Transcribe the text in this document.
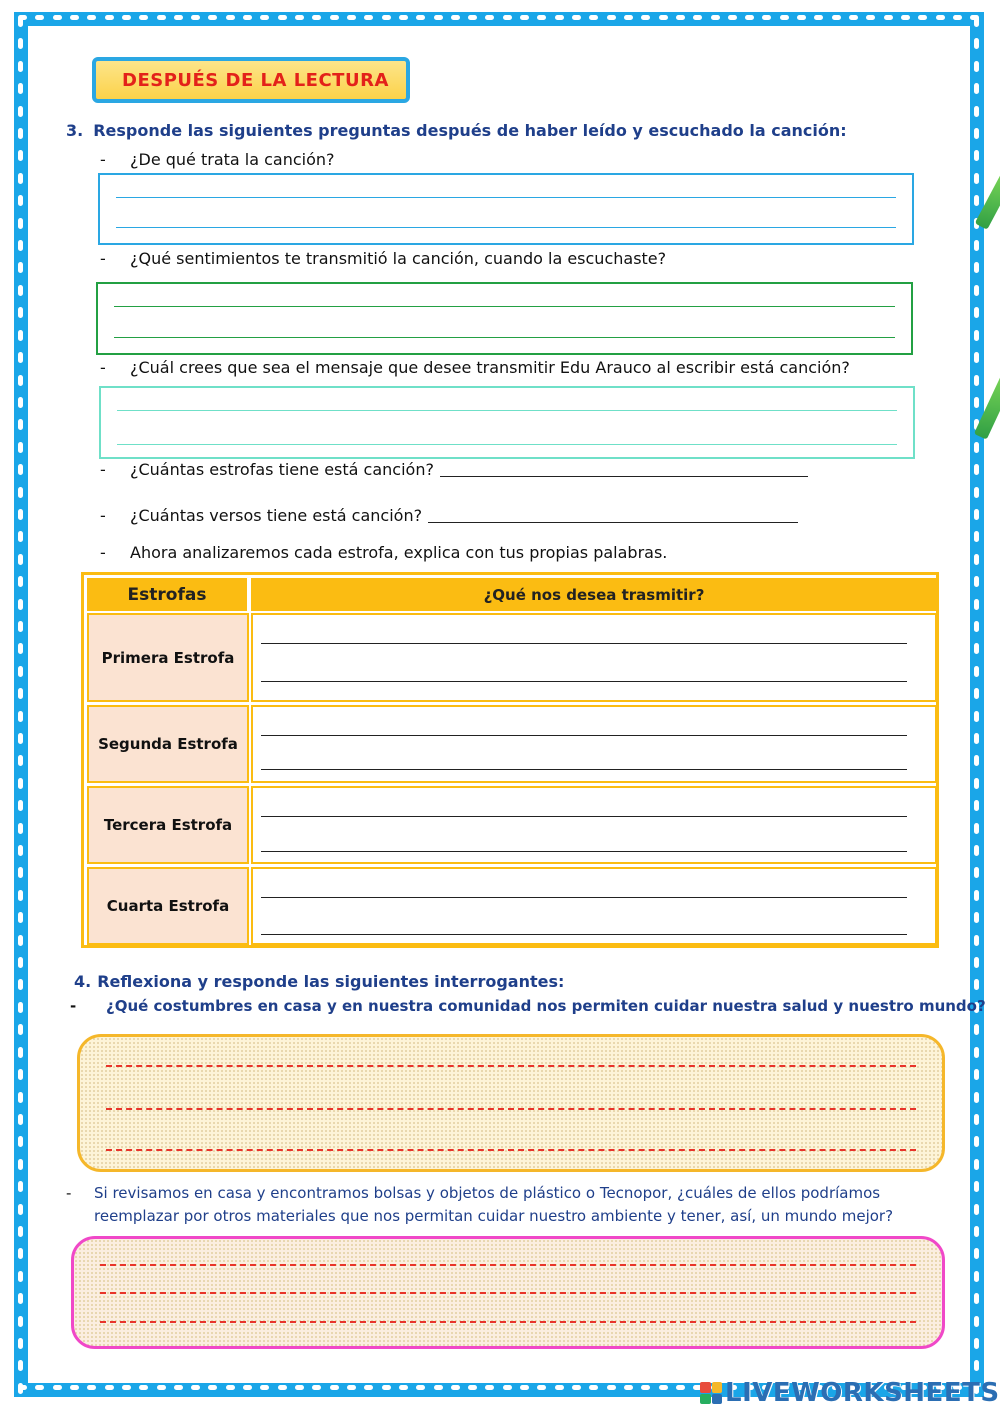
DESPUÉS DE LA LECTURA
3. Responde las siguientes preguntas después de haber leído y escuchado la canción:
- ¿De qué trata la canción?
- ¿Qué sentimientos te transmitió la canción, cuando la escuchaste?
- ¿Cuál crees que sea el mensaje que desee transmitir Edu Arauco al escribir está canción?
- ¿Cuántas estrofas tiene está canción?
- ¿Cuántas versos tiene está canción?
- Ahora analizaremos cada estrofa, explica con tus propias palabras.
Estrofas	¿Qué nos desea trasmitir?
Primera Estrofa
Segunda Estrofa
Tercera Estrofa
Cuarta Estrofa
4. Reflexiona y responde las siguientes interrogantes:
- ¿Qué costumbres en casa y en nuestra comunidad nos permiten cuidar nuestra salud y nuestro mundo?
- Si revisamos en casa y encontramos bolsas y objetos de plástico o Tecnopor, ¿cuáles de ellos podríamos
reemplazar por otros materiales que nos permitan cuidar nuestro ambiente y tener, así, un mundo mejor?
LIVEWORKSHEETS
